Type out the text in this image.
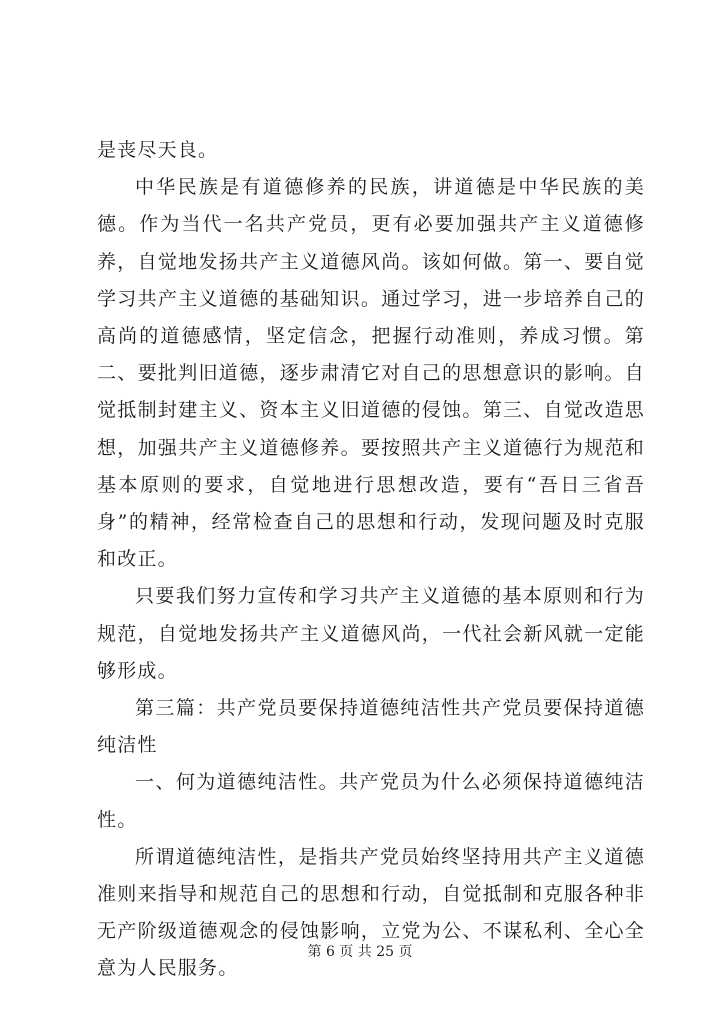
是丧尽天良。

中华民族是有道德修养的民族，讲道德是中华民族的美德。作为当代一名共产党员，更有必要加强共产主义道德修养，自觉地发扬共产主义道德风尚。该如何做。第一、要自觉学习共产主义道德的基础知识。通过学习，进一步培养自己的高尚的道德感情，坚定信念，把握行动准则，养成习惯。第二、要批判旧道德，逐步肃清它对自己的思想意识的影响。自觉抵制封建主义、资本主义旧道德的侵蚀。第三、自觉改造思想，加强共产主义道德修养。要按照共产主义道德行为规范和基本原则的要求，自觉地进行思想改造，要有“吾日三省吾身”的精神，经常检查自己的思想和行动，发现问题及时克服和改正。

只要我们努力宣传和学习共产主义道德的基本原则和行为规范，自觉地发扬共产主义道德风尚，一代社会新风就一定能够形成。

第三篇：共产党员要保持道德纯洁性共产党员要保持道德纯洁性

一、何为道德纯洁性。共产党员为什么必须保持道德纯洁性。

所谓道德纯洁性，是指共产党员始终坚持用共产主义道德准则来指导和规范自己的思想和行动，自觉抵制和克服各种非无产阶级道德观念的侵蚀影响，立党为公、不谋私利、全心全意为人民服务。

第 6 页 共 25 页
